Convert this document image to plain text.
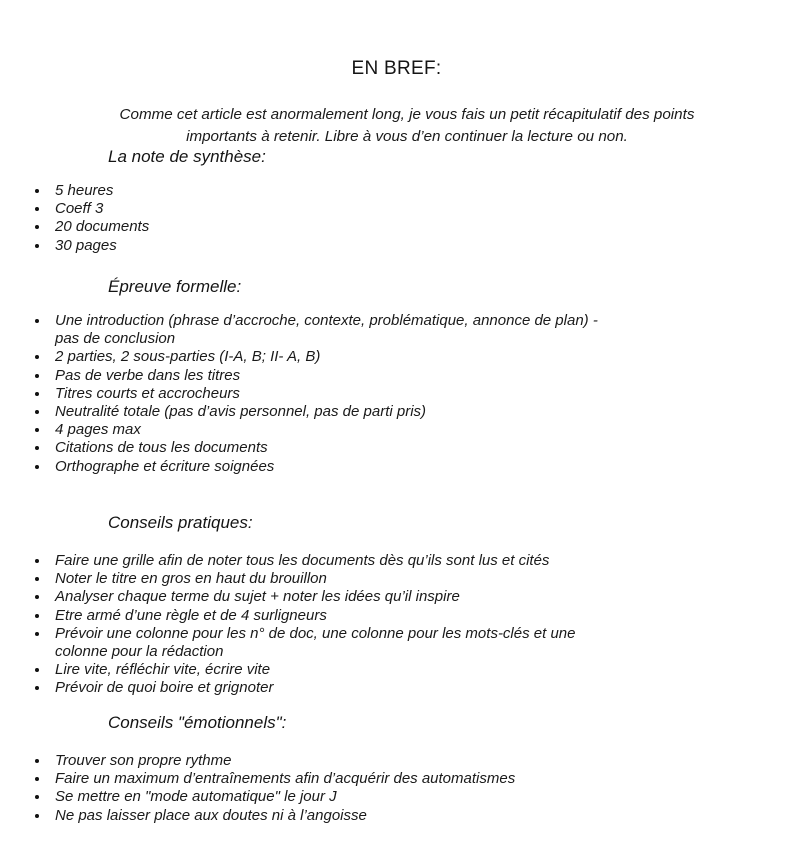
EN BREF:

Comme cet article est anormalement long, je vous fais un petit récapitulatif des points importants à retenir. Libre à vous d’en continuer la lecture ou non.

La note de synthèse:
5 heures
Coeff 3
20 documents
30 pages
Épreuve formelle:
Une introduction (phrase d’accroche, contexte, problématique, annonce de plan) - pas de conclusion
2 parties, 2 sous-parties (I-A, B; II- A, B)
Pas de verbe dans les titres
Titres courts et accrocheurs
Neutralité totale (pas d’avis personnel, pas de parti pris)
4 pages max
Citations de tous les documents
Orthographe et écriture soignées
Conseils pratiques:
Faire une grille afin de noter tous les documents dès qu’ils sont lus et cités
Noter le titre en gros en haut du brouillon
Analyser chaque terme du sujet + noter les idées qu’il inspire
Etre armé d’une règle et de 4 surligneurs
Prévoir une colonne pour les n° de doc, une colonne pour les mots-clés et une colonne pour la rédaction
Lire vite, réfléchir vite, écrire vite
Prévoir de quoi boire et grignoter
Conseils "émotionnels":
Trouver son propre rythme
Faire un maximum d’entraînements afin d’acquérir des automatismes
Se mettre en "mode automatique" le jour J
Ne pas laisser place aux doutes ni à l’angoisse
